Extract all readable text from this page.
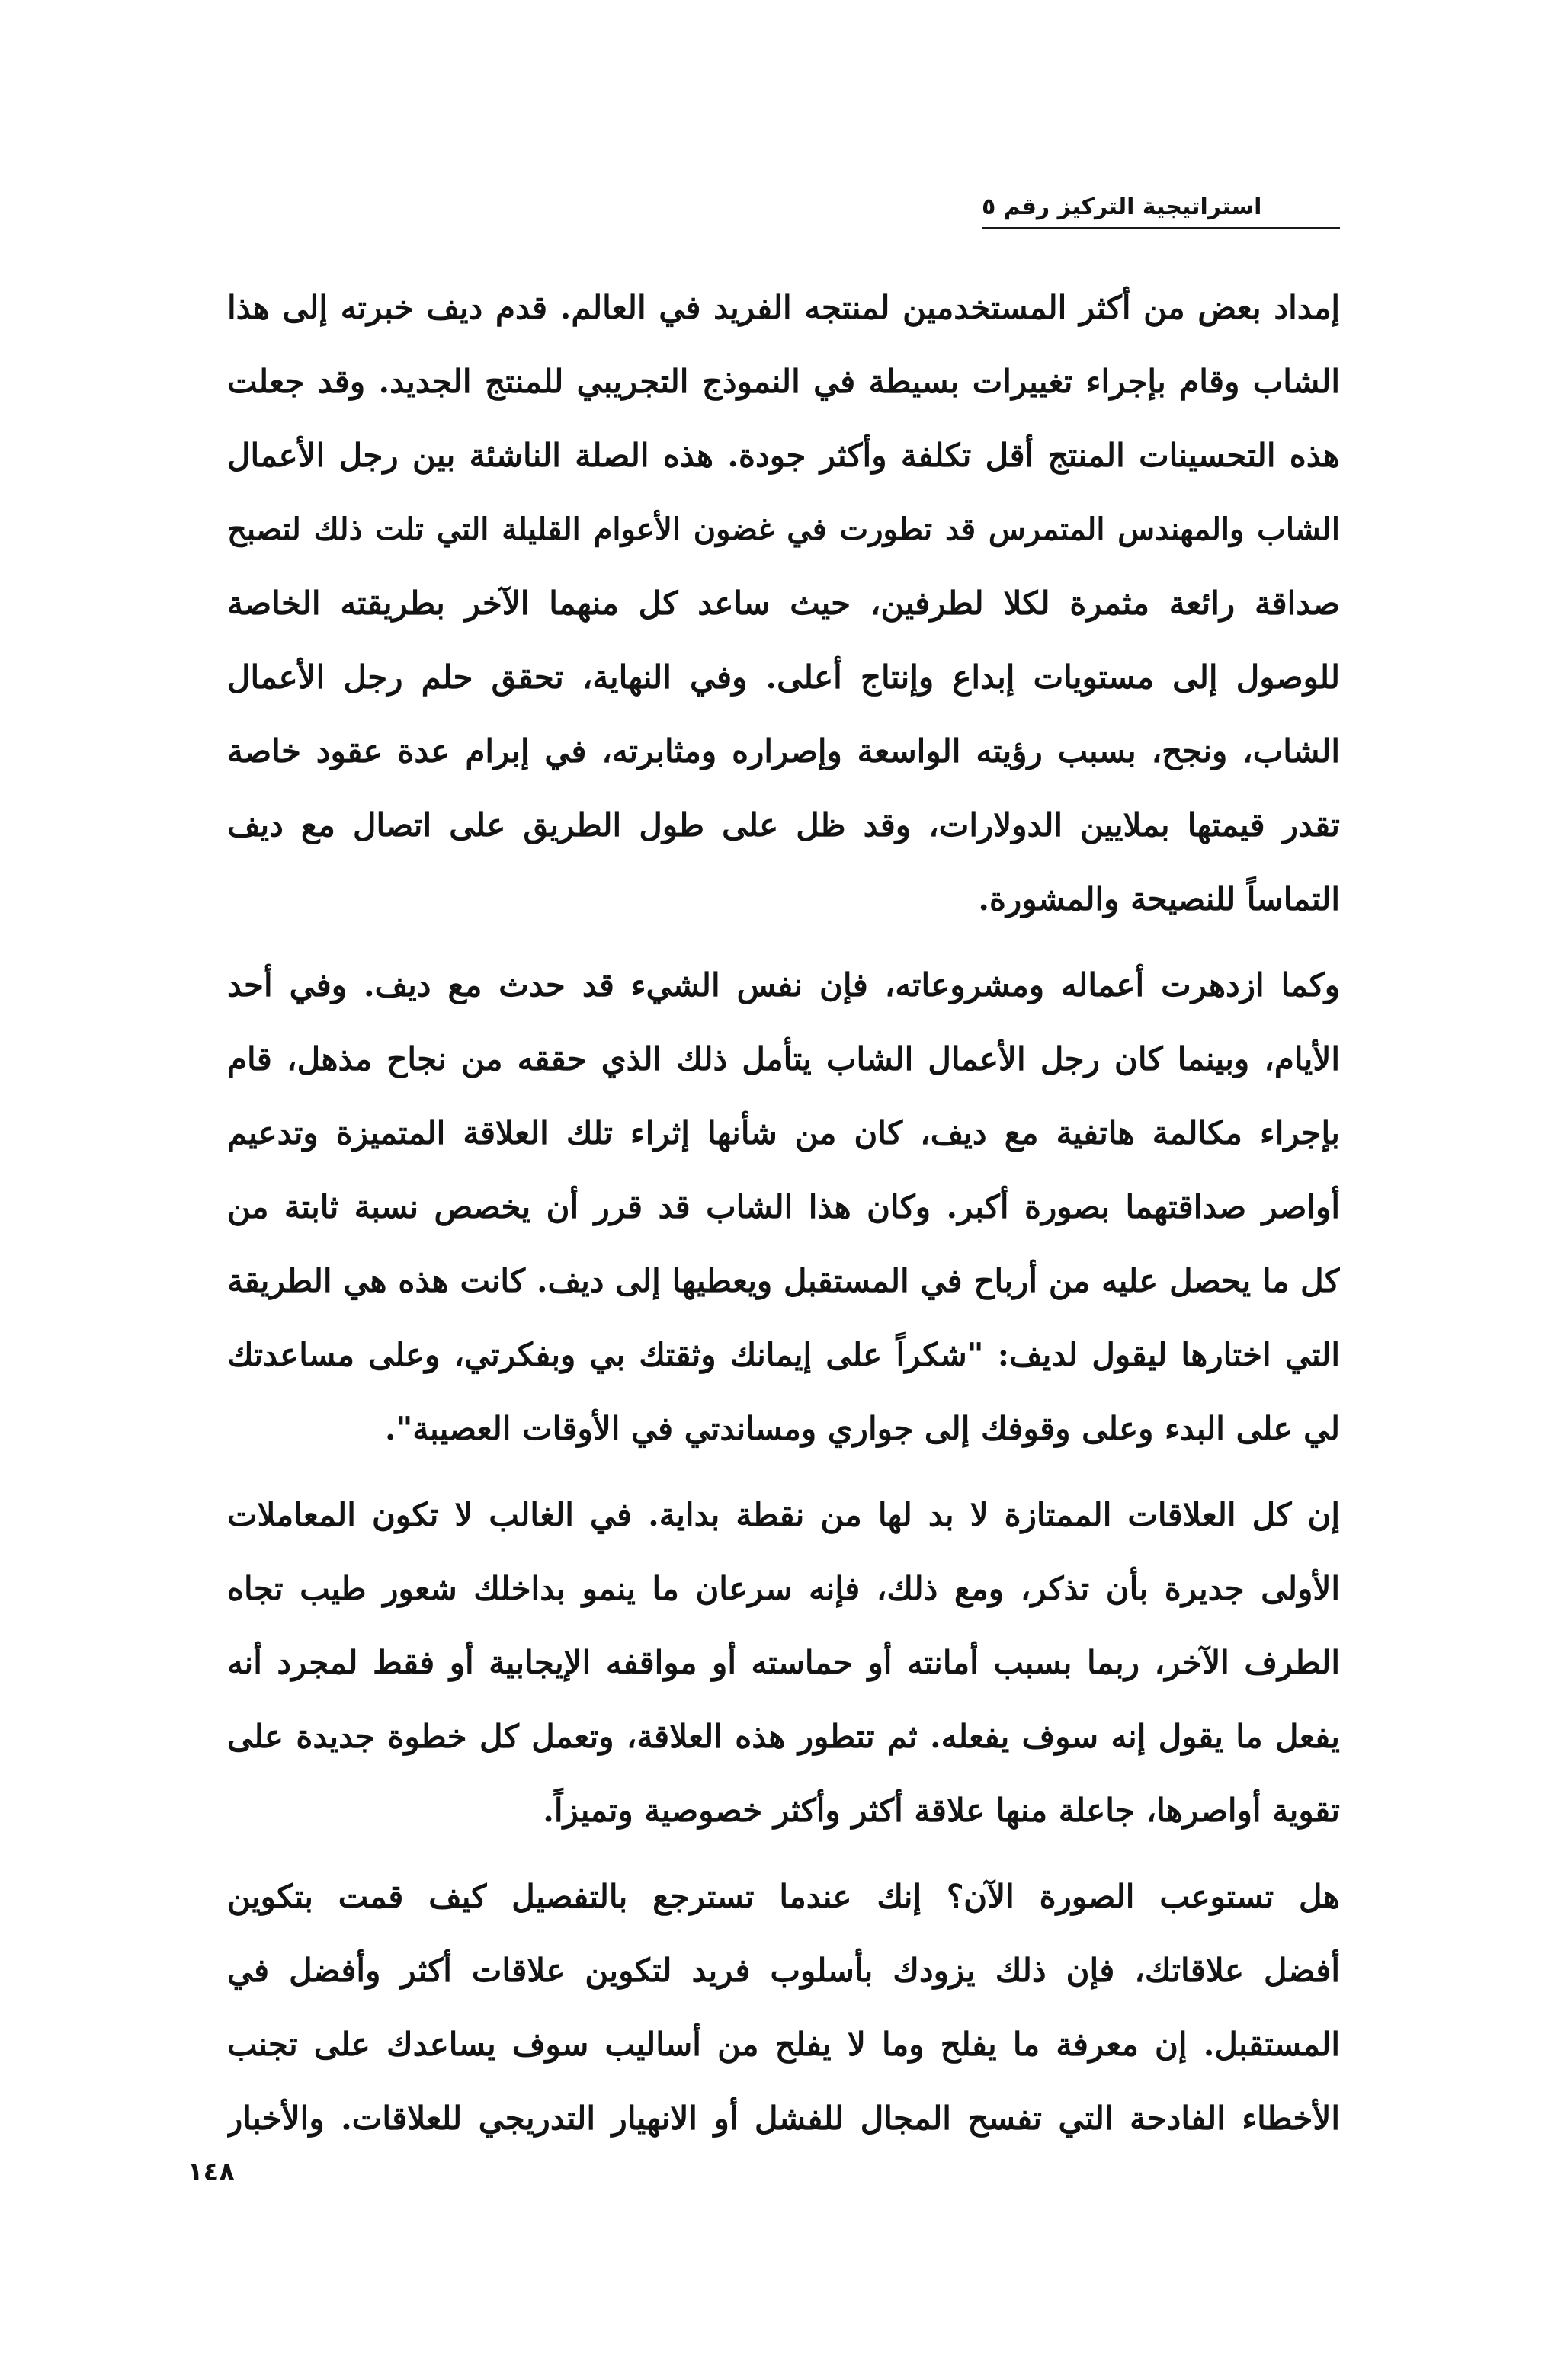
استراتيجية التركيز رقم ٥
إمداد بعض من أكثر المستخدمين لمنتجه الفريد في العالم. قدم ديف خبرته إلى هذا
الشاب وقام بإجراء تغييرات بسيطة في النموذج التجريبي للمنتج الجديد. وقد جعلت
هذه التحسينات المنتج أقل تكلفة وأكثر جودة. هذه الصلة الناشئة بين رجل الأعمال
الشاب والمهندس المتمرس قد تطورت في غضون الأعوام القليلة التي تلت ذلك لتصبح
صداقة رائعة مثمرة لكلا لطرفين، حيث ساعد كل منهما الآخر بطريقته الخاصة
للوصول إلى مستويات إبداع وإنتاج أعلى. وفي النهاية، تحقق حلم رجل الأعمال
الشاب، ونجح، بسبب رؤيته الواسعة وإصراره ومثابرته، في إبرام عدة عقود خاصة
تقدر قيمتها بملايين الدولارات، وقد ظل على طول الطريق على اتصال مع ديف
التماساً للنصيحة والمشورة.
وكما ازدهرت أعماله ومشروعاته، فإن نفس الشيء قد حدث مع ديف. وفي أحد
الأيام، وبينما كان رجل الأعمال الشاب يتأمل ذلك الذي حققه من نجاح مذهل، قام
بإجراء مكالمة هاتفية مع ديف، كان من شأنها إثراء تلك العلاقة المتميزة وتدعيم
أواصر صداقتهما بصورة أكبر. وكان هذا الشاب قد قرر أن يخصص نسبة ثابتة من
كل ما يحصل عليه من أرباح في المستقبل ويعطيها إلى ديف. كانت هذه هي الطريقة
التي اختارها ليقول لديف: "شكراً على إيمانك وثقتك بي وبفكرتي، وعلى مساعدتك
لي على البدء وعلى وقوفك إلى جواري ومساندتي في الأوقات العصيبة".
إن كل العلاقات الممتازة لا بد لها من نقطة بداية. في الغالب لا تكون المعاملات
الأولى جديرة بأن تذكر، ومع ذلك، فإنه سرعان ما ينمو بداخلك شعور طيب تجاه
الطرف الآخر، ربما بسبب أمانته أو حماسته أو مواقفه الإيجابية أو فقط لمجرد أنه
يفعل ما يقول إنه سوف يفعله. ثم تتطور هذه العلاقة، وتعمل كل خطوة جديدة على
تقوية أواصرها، جاعلة منها علاقة أكثر وأكثر خصوصية وتميزاً.
هل تستوعب الصورة الآن؟ إنك عندما تسترجع بالتفصيل كيف قمت بتكوين
أفضل علاقاتك، فإن ذلك يزودك بأسلوب فريد لتكوين علاقات أكثر وأفضل في
المستقبل. إن معرفة ما يفلح وما لا يفلح من أساليب سوف يساعدك على تجنب
الأخطاء الفادحة التي تفسح المجال للفشل أو الانهيار التدريجي للعلاقات. والأخبار
١٤٨
